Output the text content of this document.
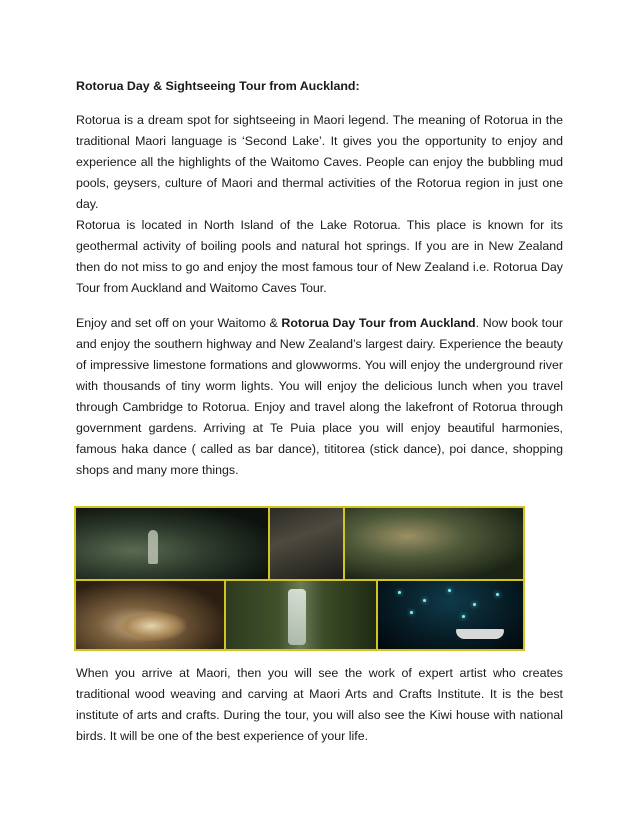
Rotorua Day & Sightseeing Tour from Auckland:

Rotorua is a dream spot for sightseeing in Maori legend. The meaning of Rotorua in the traditional Maori language is ‘Second Lake’. It gives you the opportunity to enjoy and experience all the highlights of the Waitomo Caves. People can enjoy the bubbling mud pools, geysers, culture of Maori and thermal activities of the Rotorua region in just one day.

Rotorua is located in North Island of the Lake Rotorua. This place is known for its geothermal activity of boiling pools and natural hot springs. If you are in New Zealand then do not miss to go and enjoy the most famous tour of New Zealand i.e. Rotorua Day Tour from Auckland and Waitomo Caves Tour.

Enjoy and set off on your Waitomo & Rotorua Day Tour from Auckland. Now book tour and enjoy the southern highway and New Zealand’s largest dairy. Experience the beauty of impressive limestone formations and glowworms. You will enjoy the underground river with thousands of tiny worm lights. You will enjoy the delicious lunch when you travel through Cambridge to Rotorua. Enjoy and travel along the lakefront of Rotorua through government gardens. Arriving at Te Puia place you will enjoy beautiful harmonies, famous haka dance ( called as bar dance), tititorea (stick dance), poi dance, shopping shops and many more things.

When you arrive at Maori, then you will see the work of expert artist who creates traditional wood weaving and carving at Maori Arts and Crafts Institute. It is the best institute of arts and crafts. During the tour, you will also see the Kiwi house with national birds. It will be one of the best experience of your life.
